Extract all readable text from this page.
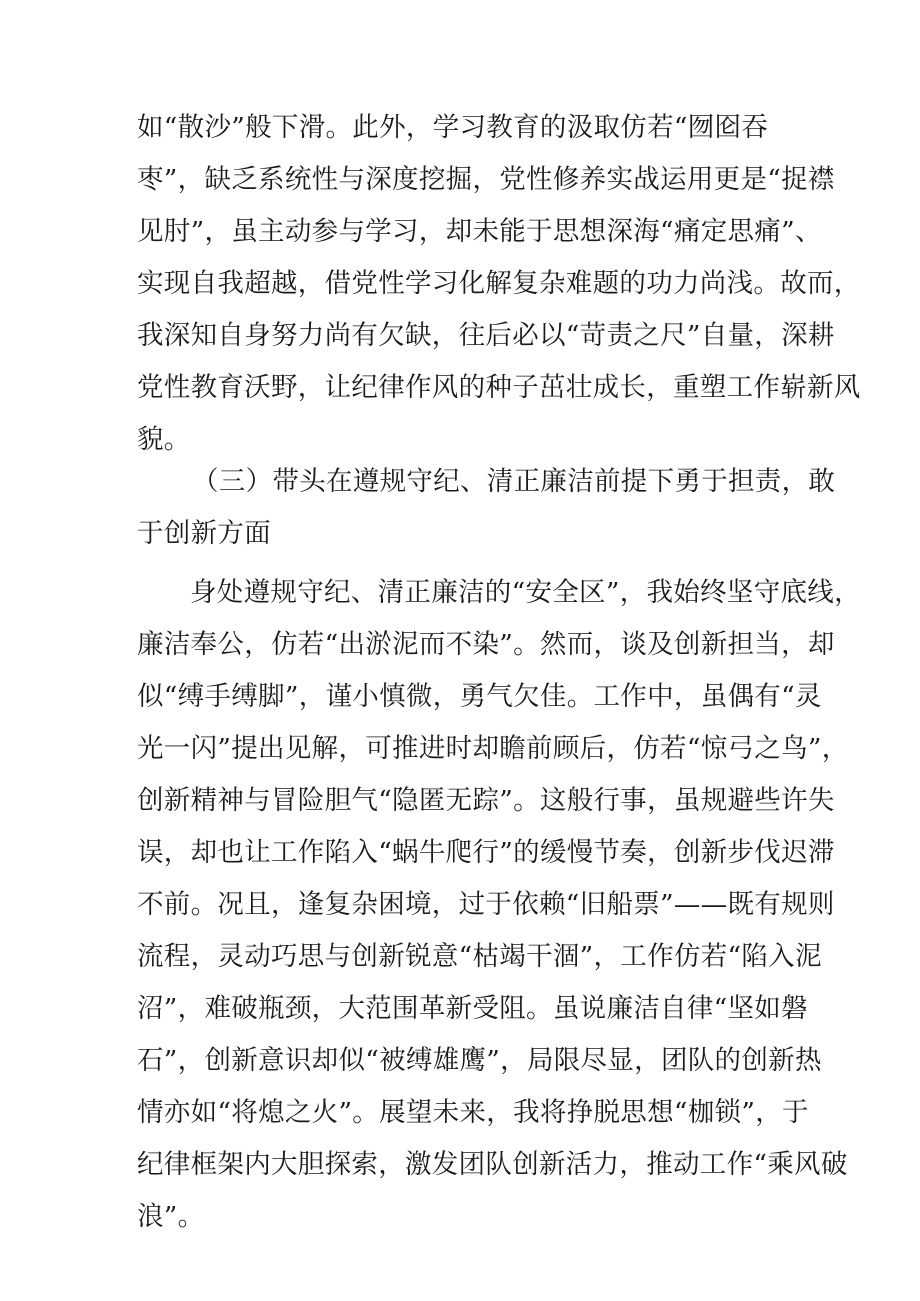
如“散沙”般下滑。此外，学习教育的汲取仿若“囫囵吞
枣”，缺乏系统性与深度挖掘，党性修养实战运用更是“捉襟
见肘”，虽主动参与学习，却未能于思想深海“痛定思痛”、
实现自我超越，借党性学习化解复杂难题的功力尚浅。故而，
我深知自身努力尚有欠缺，往后必以“苛责之尺”自量，深耕
党性教育沃野，让纪律作风的种子茁壮成长，重塑工作崭新风
貌。
（三）带头在遵规守纪、清正廉洁前提下勇于担责，敢
于创新方面
身处遵规守纪、清正廉洁的“安全区”，我始终坚守底线，
廉洁奉公，仿若“出淤泥而不染”。然而，谈及创新担当，却
似“缚手缚脚”，谨小慎微，勇气欠佳。工作中，虽偶有“灵
光一闪”提出见解，可推进时却瞻前顾后，仿若“惊弓之鸟”，
创新精神与冒险胆气“隐匿无踪”。这般行事，虽规避些许失
误，却也让工作陷入“蜗牛爬行”的缓慢节奏，创新步伐迟滞
不前。况且，逢复杂困境，过于依赖“旧船票”——既有规则
流程，灵动巧思与创新锐意“枯竭干涸”，工作仿若“陷入泥
沼”，难破瓶颈，大范围革新受阻。虽说廉洁自律“坚如磐
石”，创新意识却似“被缚雄鹰”，局限尽显，团队的创新热
情亦如“将熄之火”。展望未来，我将挣脱思想“枷锁”，于
纪律框架内大胆探索，激发团队创新活力，推动工作“乘风破
浪”。
